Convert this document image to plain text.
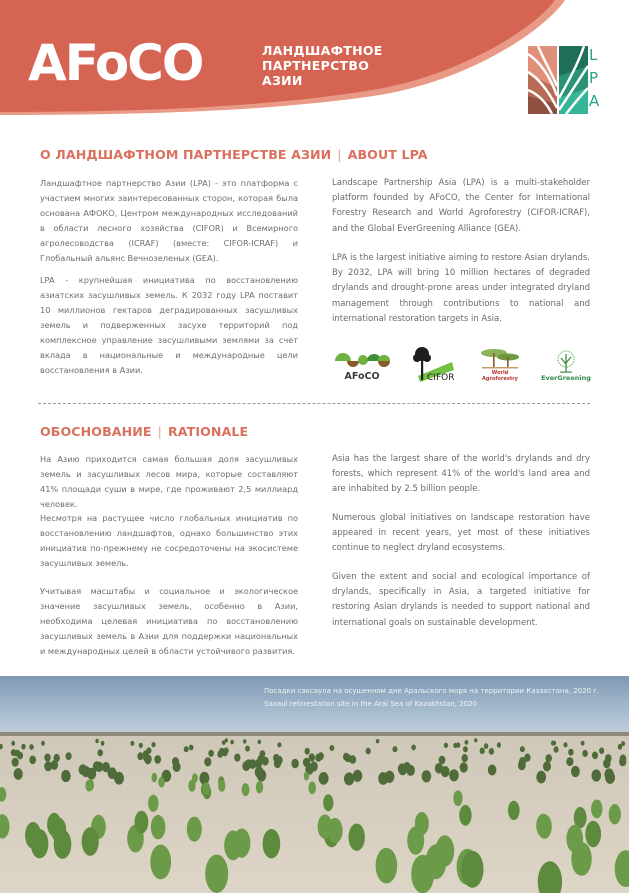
AFoCO	ЛАНДШАФТНОЕ
ПАРТНЕРСТВО
АЗИИ
L
P
A
О ЛАНДШАФТНОМ ПАРТНЕРСТВЕ АЗИИ | ABOUT LPA
Ландшафтное партнерство Азии (LPA) - это платформа с участием многих заинтересованных сторон, которая была основана АФОКО, Центром международных исследований в области лесного хозяйства (CIFOR) и Всемирного агролесоводства (ICRAF) (вместе: CIFOR-ICRAF) и Глобальный альянс Вечнозеленых (GEA).
LPA - крупнейшая инициатива по восстановлению азиатских засушливых земель. К 2032 году LPA поставит 10 миллионов гектаров деградированных засушливых земель и подверженных засухе территорий под комплексное управление засушливыми землями за счет вклада в национальные и международные цели восстановления в Азии.
Landscape Partnership Asia (LPA) is a multi-stakeholder platform founded by AFoCO, the Center for International Forestry Research and World Agroforestry (CIFOR-ICRAF), and the Global EverGreening Alliance (GEA).
LPA is the largest initiative aiming to restore Asian drylands. By 2032, LPA will bring 10 million hectares of degraded drylands and drought-prone areas under integrated dryland management through contributions to national and international restoration targets in Asia.
AFoCO	CIFOR	World
Agroforestry	EverGreening
ОБОСНОВАНИЕ | RATIONALE
На Азию приходится самая большая доля засушливых земель и засушливых лесов мира, которые составляют 41% площади суши в мире, где проживают 2,5 миллиард человек.
Несмотря на растущее число глобальных инициатив по восстановлению ландшафтов, однако большинство этих инициатив по-прежнему не сосредоточены на экосистеме засушливых земель.
Учитывая масштабы и социальное и экологическое значение засушливых земель, особенно в Азии, необходима целевая инициатива по восстановлению засушливых земель в Азии для поддержки национальных и международных целей в области устойчивого развития.
Asia has the largest share of the world's drylands and dry forests, which represent 41% of the world's land area and are inhabited by 2.5 billion people.
Numerous global initiatives on landscape restoration have appeared in recent years, yet most of these initiatives continue to neglect dryland ecosystems.
Given the extent and social and ecological importance of drylands, specifically in Asia, a targeted initiative for restoring Asian drylands is needed to support national and international goals on sustainable development.
Посадки саксаула на осушенном дне Аральского моря на территории Казахстана, 2020 г.
Saxaul reforestation site in the Aral Sea of Kazakhstan, 2020
